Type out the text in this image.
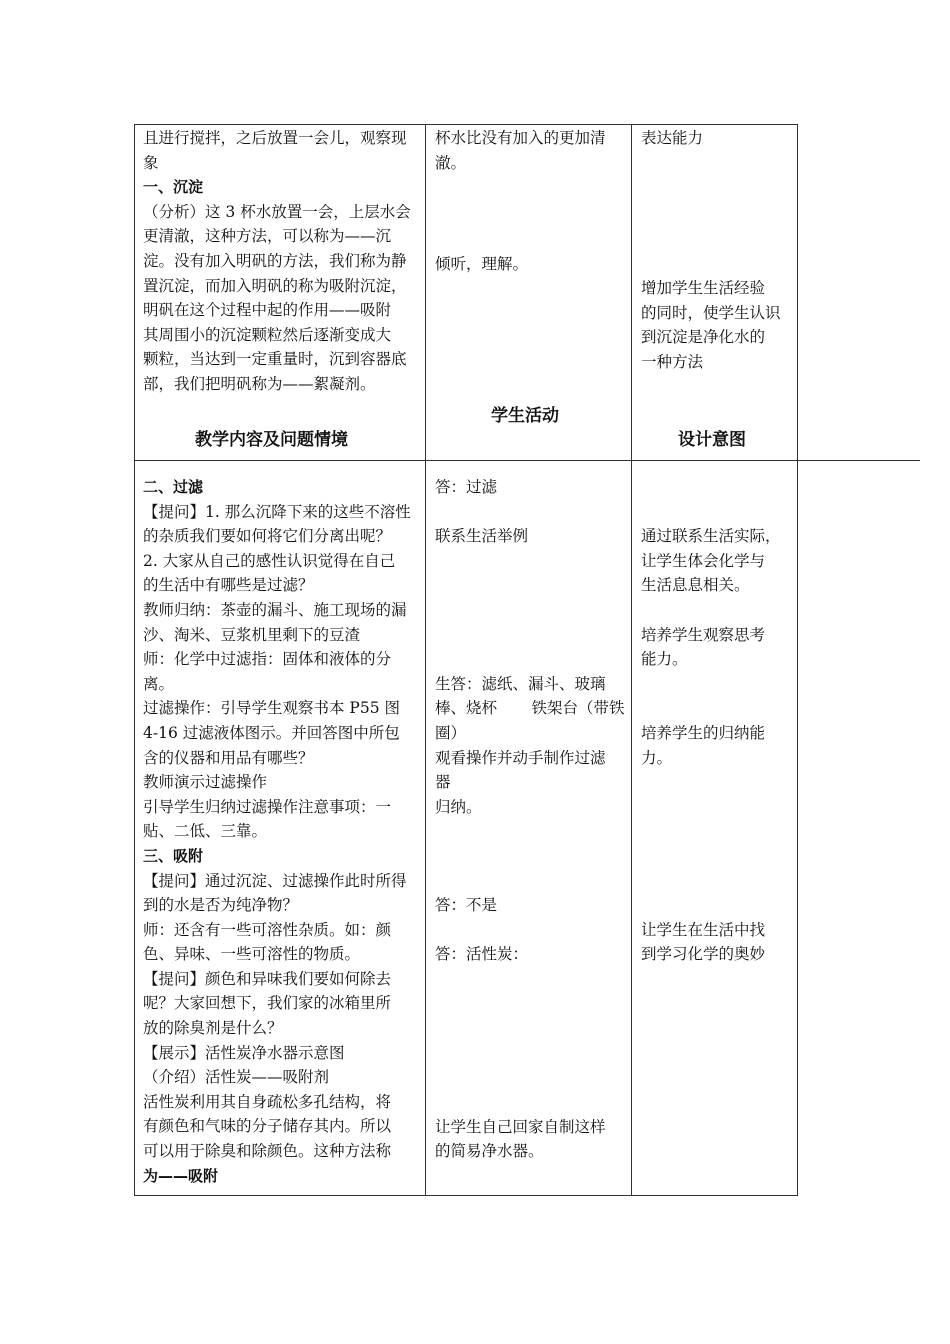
且进行搅拌，之后放置一会儿，观察现

象

一、沉淀

（分析）这 3 杯水放置一会，上层水会

更清澈，这种方法，可以称为——沉

淀。没有加入明矾的方法，我们称为静

置沉淀，而加入明矾的称为吸附沉淀，

明矾在这个过程中起的作用——吸附

其周围小的沉淀颗粒然后逐渐变成大

颗粒，当达到一定重量时，沉到容器底

部，我们把明矾称为——絮凝剂。

杯水比没有加入的更加清

澈。

倾听，理解。

表达能力

增加学生生活经验

的同时，使学生认识

到沉淀是净化水的

一种方法

教学内容及问题情境
学生活动
设计意图

二、过滤

【提问】1. 那么沉降下来的这些不溶性

的杂质我们要如何将它们分离出呢？

2. 大家从自己的感性认识觉得在自己

的生活中有哪些是过滤？

教师归纳：茶壶的漏斗、施工现场的漏

沙、淘米、豆浆机里剩下的豆渣

师：化学中过滤指：固体和液体的分

离。

过滤操作：引导学生观察书本 P55 图

4-16 过滤液体图示。并回答图中所包

含的仪器和用品有哪些？

教师演示过滤操作

引导学生归纳过滤操作注意事项：一

贴、二低、三靠。

三、吸附

【提问】通过沉淀、过滤操作此时所得

到的水是否为纯净物？

师：还含有一些可溶性杂质。如：颜

色、异味、一些可溶性的物质。

【提问】颜色和异味我们要如何除去

呢？大家回想下，我们家的冰箱里所

放的除臭剂是什么？

【展示】活性炭净水器示意图

（介绍）活性炭——吸附剂

活性炭利用其自身疏松多孔结构，将

有颜色和气味的分子储存其内。所以

可以用于除臭和除颜色。这种方法称

为——吸附

答：过滤

联系生活举例

生答：滤纸、漏斗、玻璃

棒、烧杯       铁架台（带铁

圈）

观看操作并动手制作过滤

器

归纳。

答：不是

答：活性炭：

让学生自己回家自制这样

的简易净水器。

通过联系生活实际，

让学生体会化学与

生活息息相关。

培养学生观察思考

能力。

培养学生的归纳能

力。

让学生在生活中找

到学习化学的奥妙
